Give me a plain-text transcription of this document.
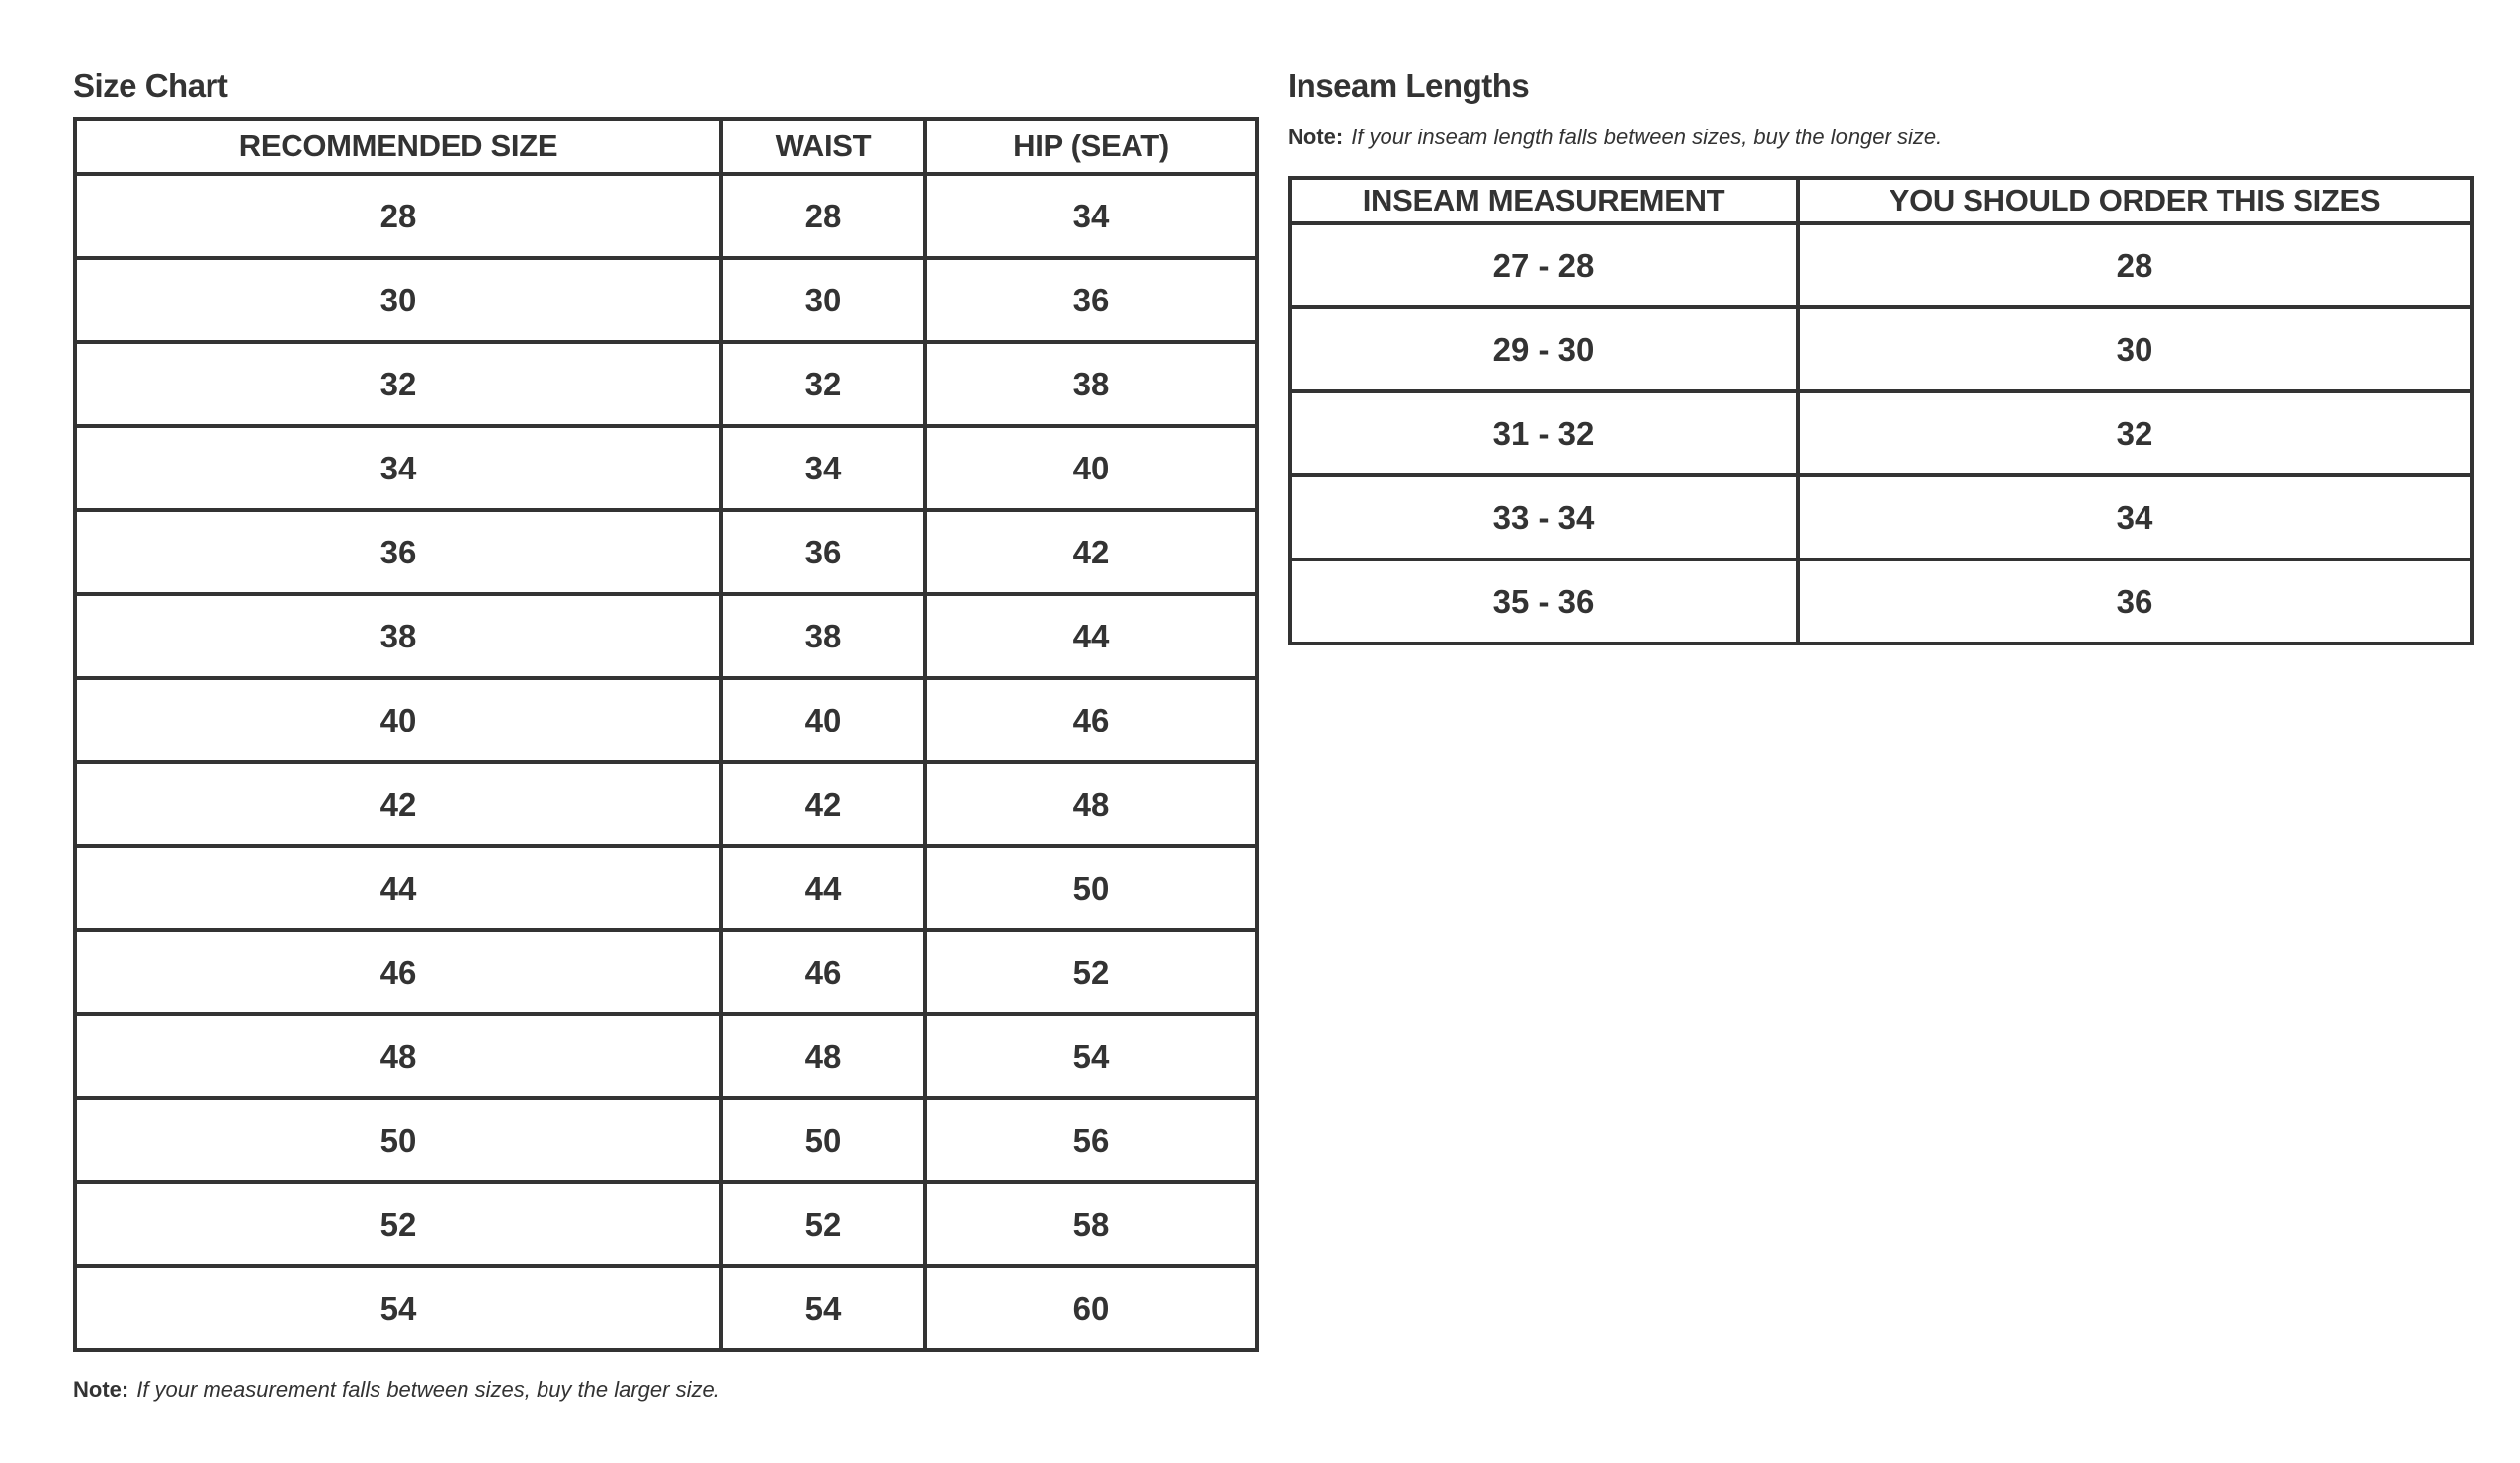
Size Chart
RECOMMENDED SIZE	WAIST	HIP (SEAT)
28	28	34
30	30	36
32	32	38
34	34	40
36	36	42
38	38	44
40	40	46
42	42	48
44	44	50
46	46	52
48	48	54
50	50	56
52	52	58
54	54	60
Note: If your measurement falls between sizes, buy the larger size.
Inseam Lengths
Note: If your inseam length falls between sizes, buy the longer size.
INSEAM MEASUREMENT	YOU SHOULD ORDER THIS SIZES
27 - 28	28
29 - 30	30
31 - 32	32
33 - 34	34
35 - 36	36
